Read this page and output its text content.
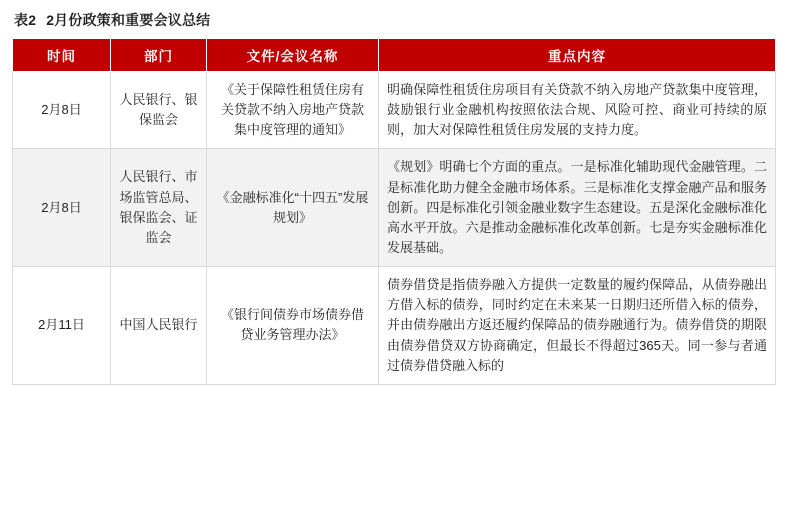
表2 2月份政策和重要会议总结
时间	部门	文件/会议名称	重点内容
2月8日	人民银行、银保监会	《关于保障性租赁住房有关贷款不纳入房地产贷款集中度管理的通知》	明确保障性租赁住房项目有关贷款不纳入房地产贷款集中度管理，鼓励银行业金融机构按照依法合规、风险可控、商业可持续的原则，加大对保障性租赁住房发展的支持力度。
2月8日	人民银行、市场监管总局、银保监会、证监会	《金融标准化“十四五”发展规划》	《规划》明确七个方面的重点。一是标准化辅助现代金融管理。二是标准化助力健全金融市场体系。三是标准化支撑金融产品和服务创新。四是标准化引领金融业数字生态建设。五是深化金融标准化高水平开放。六是推动金融标准化改革创新。七是夯实金融标准化发展基础。
2月11日	中国人民银行	《银行间债券市场债券借贷业务管理办法》	债券借贷是指债券融入方提供一定数量的履约保障品，从债券融出方借入标的债券，同时约定在未来某一日期归还所借入标的债券，并由债券融出方返还履约保障品的债券融通行为。债券借贷的期限由债券借贷双方协商确定，但最长不得超过365天。同一参与者通过债券借贷融入标的
